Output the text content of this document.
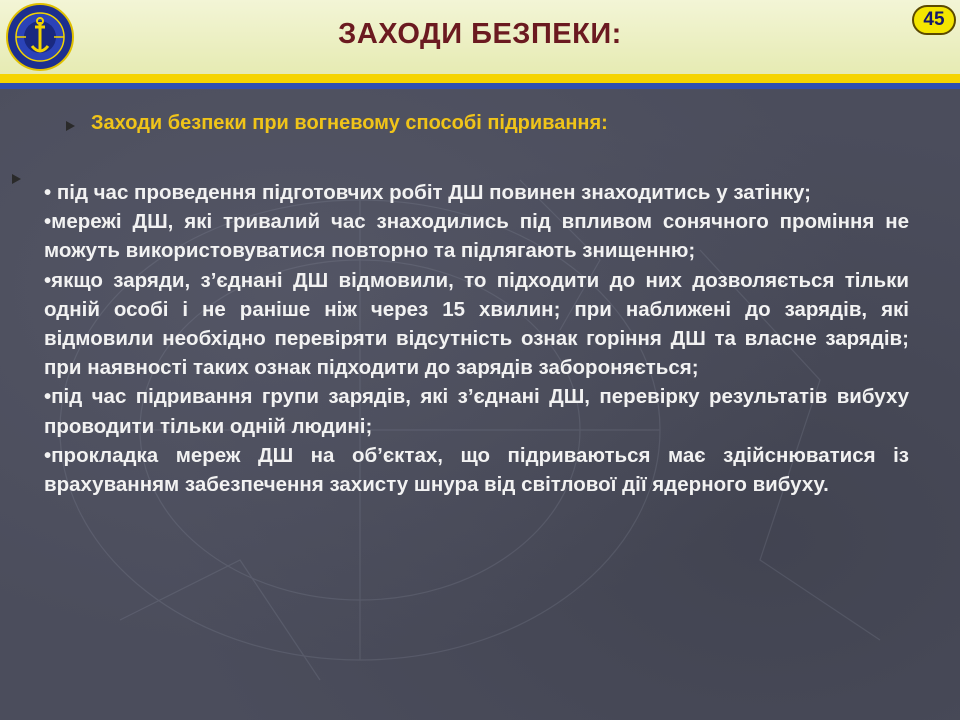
ЗАХОДИ БЕЗПЕКИ:	45
Заходи безпеки при вогневому способі підривання:

• під час проведення підготовчих робіт ДШ повинен знаходитись у затінку;

•мережі ДШ, які тривалий час знаходились під впливом сонячного проміння не можуть використовуватися повторно та підлягають знищенню;

•якщо заряди, з’єднані ДШ відмовили, то підходити до них дозволяється тільки одній особі і не раніше ніж через 15 хвилин; при наближені до зарядів, які відмовили необхідно перевіряти відсутність ознак горіння ДШ та власне зарядів; при наявності таких ознак підходити до зарядів забороняється;

•під час підривання групи зарядів, які з’єднані ДШ, перевірку результатів вибуху проводити тільки одній людині;

•прокладка мереж ДШ на об’єктах, що підриваються має здійснюватися із врахуванням забезпечення захисту шнура від світлової дії ядерного вибуху.
